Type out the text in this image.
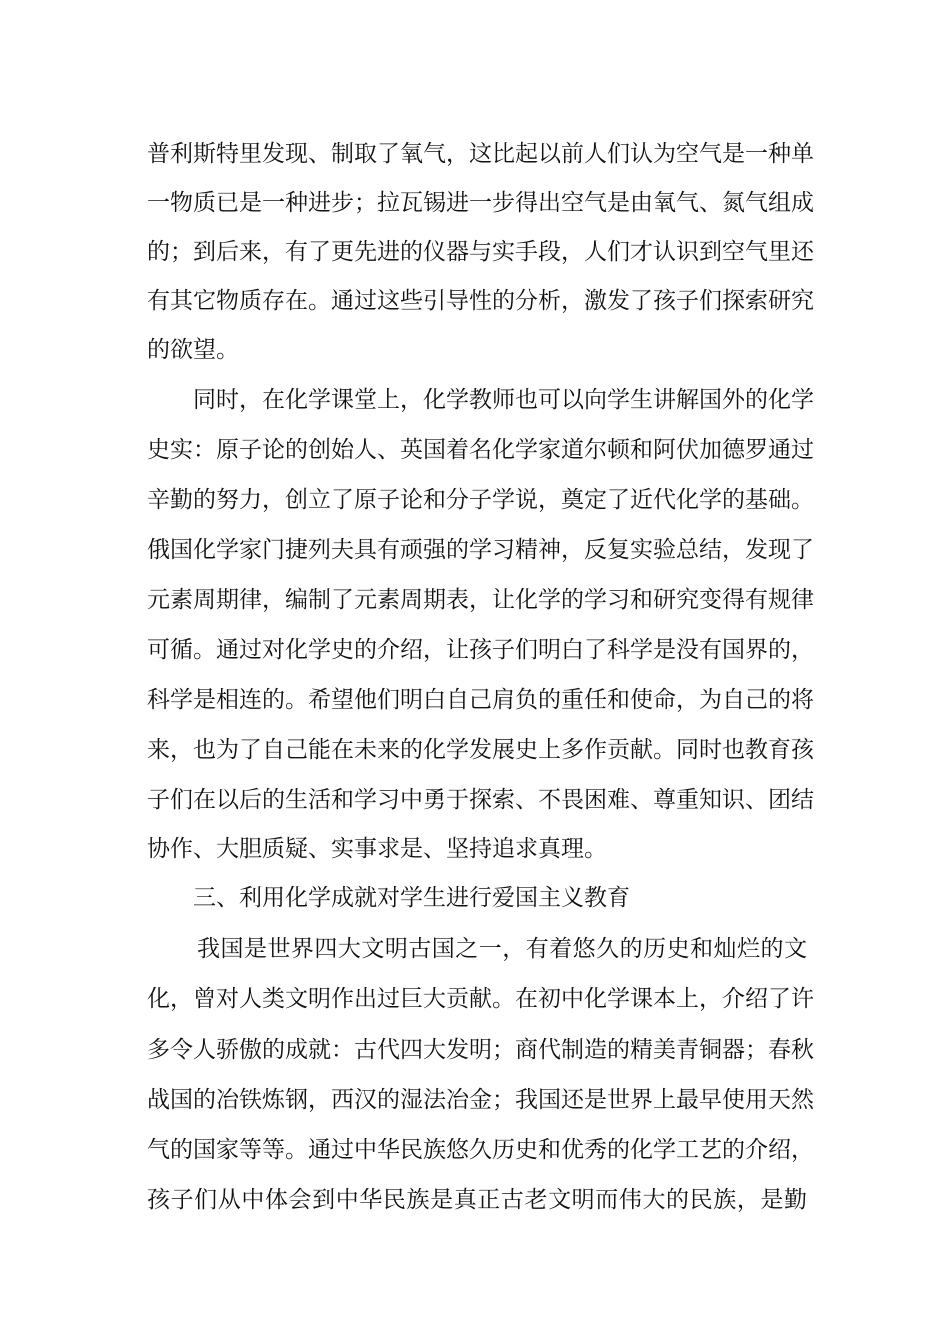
普利斯特里发现、制取了氧气，这比起以前人们认为空气是一种单
一物质已是一种进步；拉瓦锡进一步得出空气是由氧气、氮气组成
的；到后来，有了更先进的仪器与实手段，人们才认识到空气里还
有其它物质存在。通过这些引导性的分析，激发了孩子们探索研究
的欲望。
同时，在化学课堂上，化学教师也可以向学生讲解国外的化学
史实：原子论的创始人、英国着名化学家道尔顿和阿伏加德罗通过
辛勤的努力，创立了原子论和分子学说，奠定了近代化学的基础。
俄国化学家门捷列夫具有顽强的学习精神，反复实验总结，发现了
元素周期律，编制了元素周期表，让化学的学习和研究变得有规律
可循。通过对化学史的介绍，让孩子们明白了科学是没有国界的，
科学是相连的。希望他们明白自己肩负的重任和使命，为自己的将
来，也为了自己能在未来的化学发展史上多作贡献。同时也教育孩
子们在以后的生活和学习中勇于探索、不畏困难、尊重知识、团结
协作、大胆质疑、实事求是、坚持追求真理。
三、利用化学成就对学生进行爱国主义教育
我国是世界四大文明古国之一，有着悠久的历史和灿烂的文
化，曾对人类文明作出过巨大贡献。在初中化学课本上，介绍了许
多令人骄傲的成就：古代四大发明；商代制造的精美青铜器；春秋
战国的冶铁炼钢，西汉的湿法冶金；我国还是世界上最早使用天然
气的国家等等。通过中华民族悠久历史和优秀的化学工艺的介绍，
孩子们从中体会到中华民族是真正古老文明而伟大的民族，是勤
